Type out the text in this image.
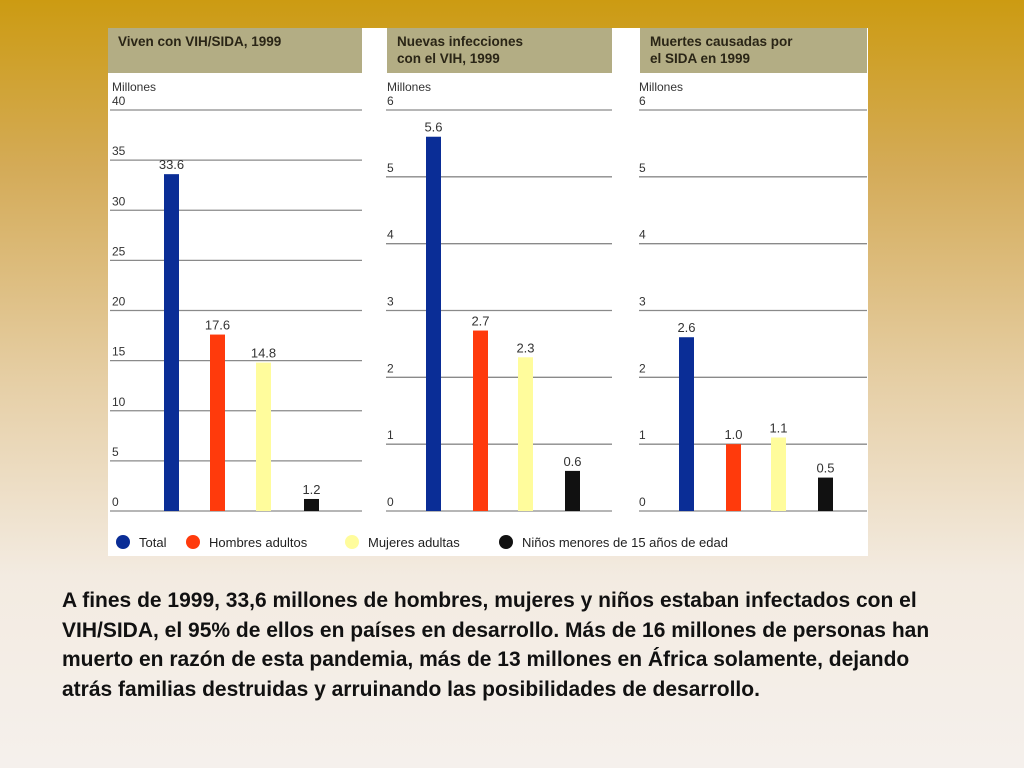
Viven con VIH/SIDA, 1999	Nuevas infecciones
con el VIH, 1999
Muertes causadas por
el SIDA en 1999
Millones
0
5
10
15
20
25
30
35
40
33.6
17.6
14.8
1.2
Millones
0
1
2
3
4
5
6
5.6
2.7
2.3
0.6
Millones
0
1
2
3
4
5
6
2.6
1.0 1.1
0.5
Total	Hombres adultos	Mujeres adultas	Niños menores de 15 años de edad
A fines de 1999, 33,6 millones de hombres, mujeres y niños estaban infectados con el VIH/SIDA, el 95% de ellos en países en desarrollo. Más de 16 millones de personas han muerto en razón de esta pandemia, más de 13 millones en África solamente, dejando atrás familias destruidas y arruinando las posibilidades de desarrollo.
